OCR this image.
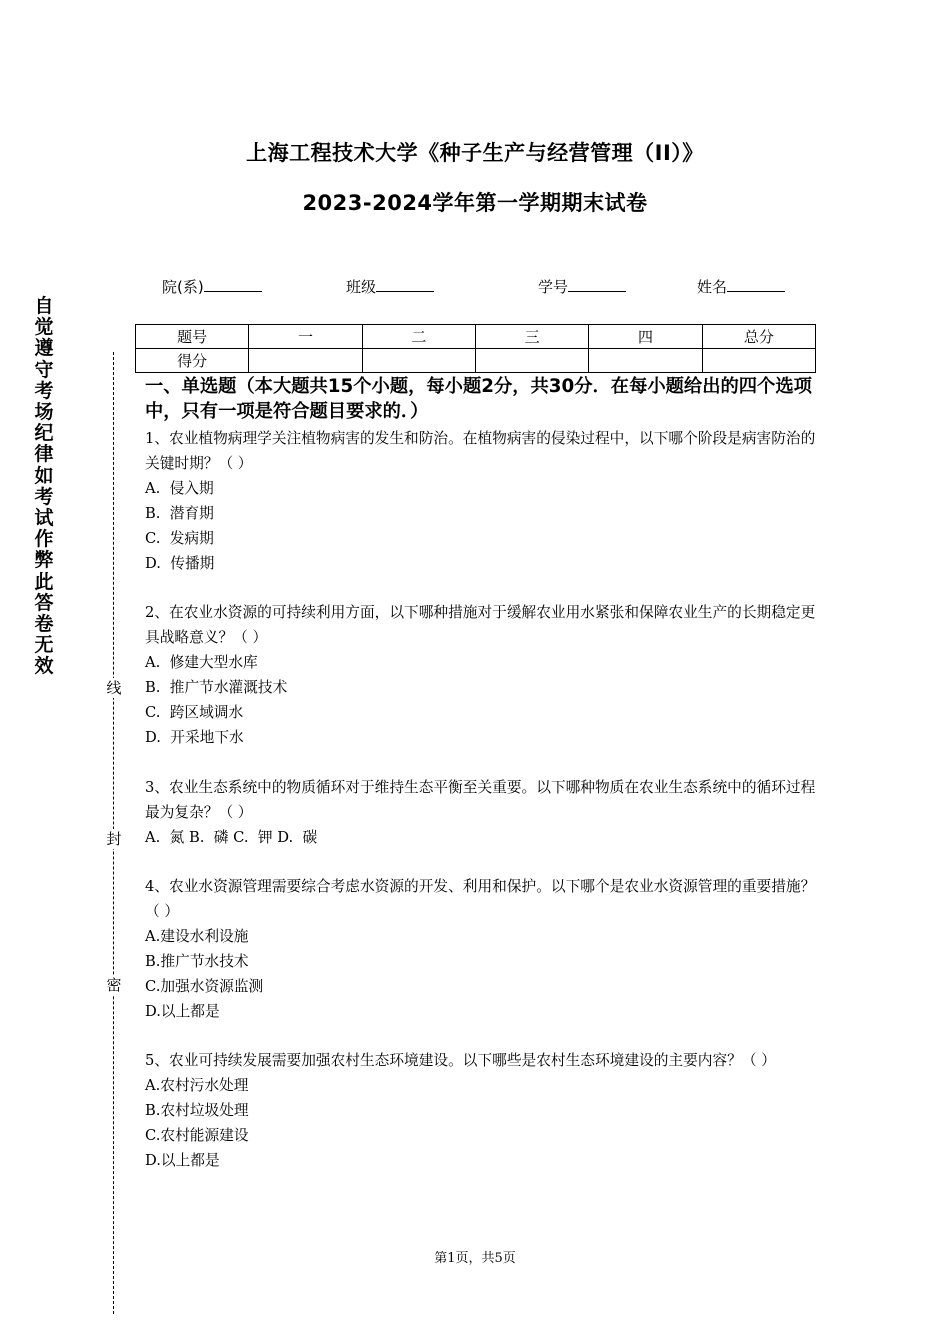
上海工程技术大学《种子生产与经营管理（II）》
2023-2024学年第一学期期末试卷
院(系)	班级	学号	姓名
题号	一	二	三	四	总分
得分					
自觉遵守考场纪律如考试作弊此答卷无效
线
封
密
一、单选题（本大题共15个小题，每小题2分，共30分．在每小题给出的四个选项中，只有一项是符合题目要求的．）

1、农业植物病理学关注植物病害的发生和防治。在植物病害的侵染过程中，以下哪个阶段是病害防治的关键时期？（ ）

A.  侵入期

B.  潜育期

C.  发病期

D.  传播期

2、在农业水资源的可持续利用方面，以下哪种措施对于缓解农业用水紧张和保障农业生产的长期稳定更具战略意义？（ ）

A.  修建大型水库

B.  推广节水灌溉技术

C.  跨区域调水

D.  开采地下水

3、农业生态系统中的物质循环对于维持生态平衡至关重要。以下哪种物质在农业生态系统中的循环过程最为复杂？（ ）

A.  氮 B.  磷 C.  钾 D.  碳

4、农业水资源管理需要综合考虑水资源的开发、利用和保护。以下哪个是农业水资源管理的重要措施？（ ）

A.建设水利设施

B.推广节水技术

C.加强水资源监测

D.以上都是

5、农业可持续发展需要加强农村生态环境建设。以下哪些是农村生态环境建设的主要内容？（ ）

A.农村污水处理

B.农村垃圾处理

C.农村能源建设

D.以上都是

第1页，共5页
